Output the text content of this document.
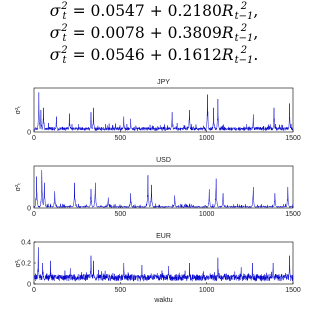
σ 2
t = 0.0547 + 0.2180R 2
t−1 ,
σ 2
t = 0.0078 + 0.3809R 2
t−1 ,
σ 2
t = 0.0546 + 0.1612R 2
t−1 .
JPY
0	500	1000	1500
0
σ²ₜ
USD
0	500	1000	1500
0
σ²ₜ
EUR
0	500	1000	1500
0
0.2
0.4
σ²ₜ
waktu
